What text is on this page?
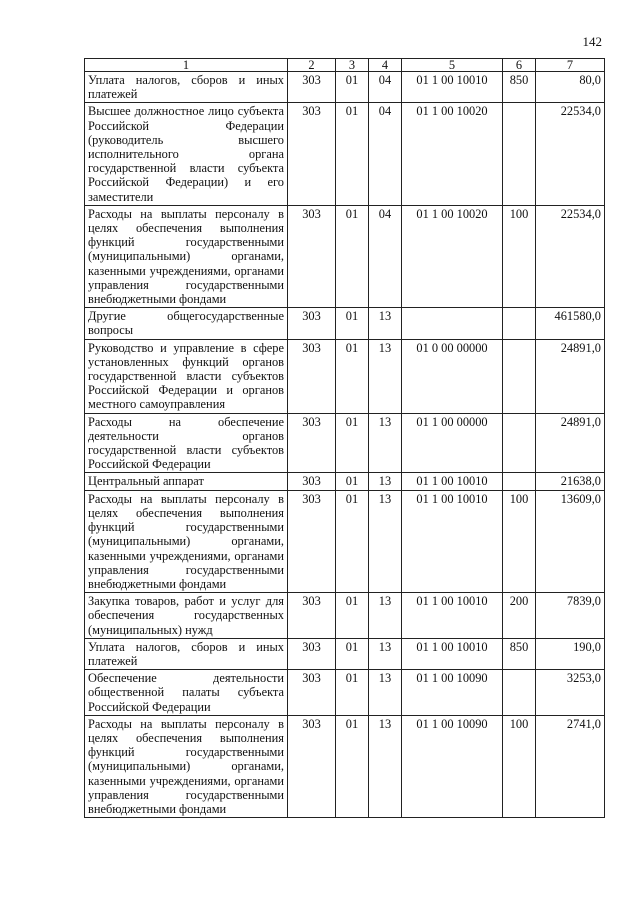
142
1	2	3	4	5	6	7
Уплата налогов, сборов и иных платежей	303	01	04	01 1 00 10010	850	80,0
Высшее должностное лицо субъекта Российской Федерации (руководитель высшего исполнительного органа государственной власти субъекта Российской Федерации) и его заместители	303	01	04	01 1 00 10020		22534,0
Расходы на выплаты персоналу в целях обеспечения выполнения функций государственными (муниципальными) органами, казенными учреждениями, органами управления государственными внебюджетными фондами	303	01	04	01 1 00 10020	100	22534,0
Другие общегосударственные вопросы	303	01	13			461580,0
Руководство и управление в сфере установленных функций органов государственной власти субъектов Российской Федерации и органов местного самоуправления	303	01	13	01 0 00 00000		24891,0
Расходы на обеспечение деятельности органов государственной власти субъектов Российской Федерации	303	01	13	01 1 00 00000		24891,0
Центральный аппарат	303	01	13	01 1 00 10010		21638,0
Расходы на выплаты персоналу в целях обеспечения выполнения функций государственными (муниципальными) органами, казенными учреждениями, органами управления государственными внебюджетными фондами	303	01	13	01 1 00 10010	100	13609,0
Закупка товаров, работ и услуг для обеспечения государственных (муниципальных) нужд	303	01	13	01 1 00 10010	200	7839,0
Уплата налогов, сборов и иных платежей	303	01	13	01 1 00 10010	850	190,0
Обеспечение деятельности общественной палаты субъекта Российской Федерации	303	01	13	01 1 00 10090		3253,0
Расходы на выплаты персоналу в целях обеспечения выполнения функций государственными (муниципальными) органами, казенными учреждениями, органами управления государственными внебюджетными фондами	303	01	13	01 1 00 10090	100	2741,0
